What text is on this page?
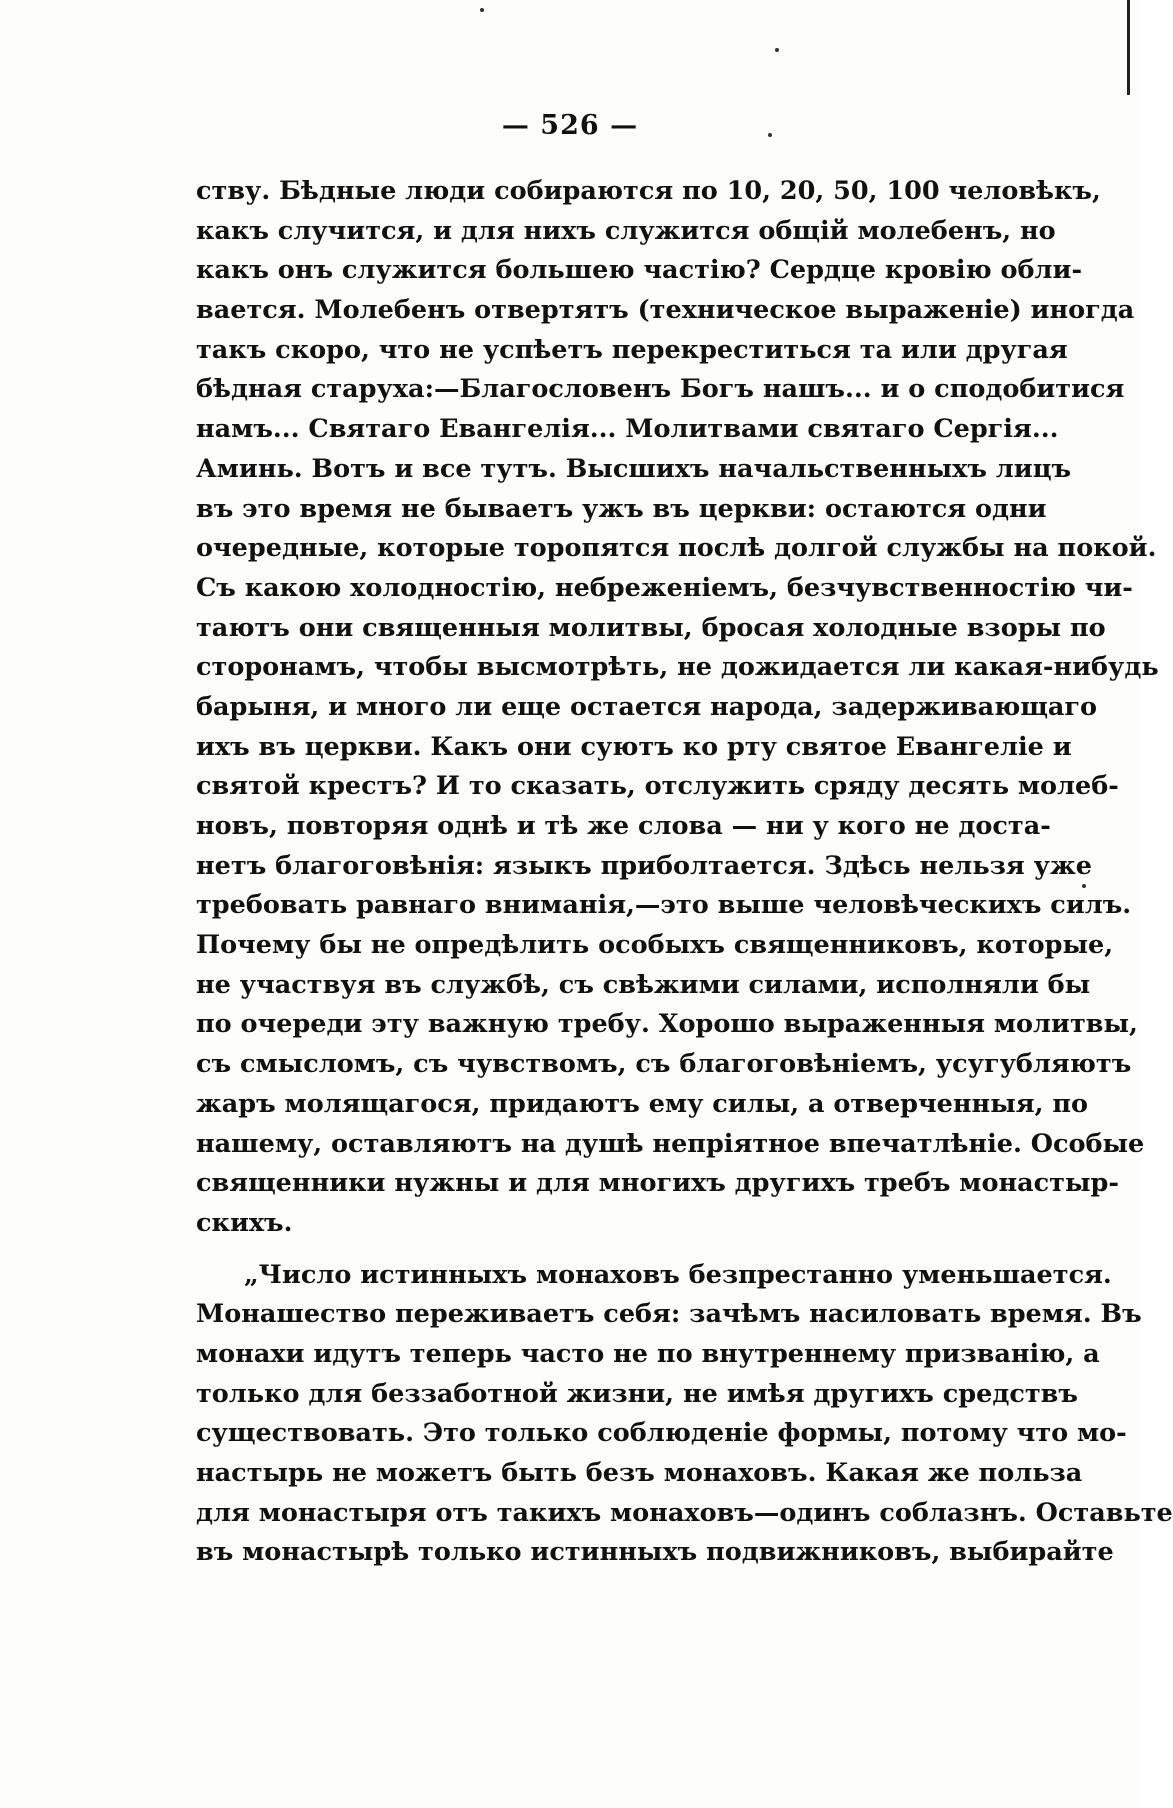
— 526 —
ству. Бѣдные люди собираются по 10, 20, 50, 100 человѣкъ,
какъ случится, и для нихъ служится общій молебенъ, но
какъ онъ служится большею частію? Сердце кровію обли-
вается. Молебенъ отвертятъ (техническое выраженіе) иногда
такъ скоро, что не успѣетъ перекреститься та или другая
бѣдная старуха:—Благословенъ Богъ нашъ... и о сподобитися
намъ... Святаго Евангелія... Молитвами святаго Сергія...
Аминь. Вотъ и все тутъ. Высшихъ начальственныхъ лицъ
въ это время не бываетъ ужъ въ церкви: остаются одни
очередные, которые торопятся послѣ долгой службы на покой.
Съ какою холодностію, небреженіемъ, безчувственностію чи-
таютъ они священныя молитвы, бросая холодные взоры по
сторонамъ, чтобы высмотрѣть, не дожидается ли какая-нибудь
барыня, и много ли еще остается народа, задерживающаго
ихъ въ церкви. Какъ они суютъ ко рту святое Евангеліе и
святой крестъ? И то сказать, отслужить сряду десять молеб-
новъ, повторяя однѣ и тѣ же слова — ни у кого не доста-
нетъ благоговѣнія: языкъ приболтается. Здѣсь нельзя уже
требовать равнаго вниманія,—это выше человѣческихъ силъ.
Почему бы не опредѣлить особыхъ священниковъ, которые,
не участвуя въ службѣ, съ свѣжими силами, исполняли бы
по очереди эту важную требу. Хорошо выраженныя молитвы,
съ смысломъ, съ чувствомъ, съ благоговѣніемъ, усугубляютъ
жаръ молящагося, придаютъ ему силы, а отверченныя, по
нашему, оставляютъ на душѣ непріятное впечатлѣніе. Особые
священники нужны и для многихъ другихъ требъ монастыр-
скихъ.
„Число истинныхъ монаховъ безпрестанно уменьшается.
Монашество переживаетъ себя: зачѣмъ насиловать время. Въ
монахи идутъ теперь часто не по внутреннему призванію, а
только для беззаботной жизни, не имѣя другихъ средствъ
существовать. Это только соблюденіе формы, потому что мо-
настырь не можетъ быть безъ монаховъ. Какая же польза
для монастыря отъ такихъ монаховъ—одинъ соблазнъ. Оставьте
въ монастырѣ только истинныхъ подвижниковъ, выбирайте
